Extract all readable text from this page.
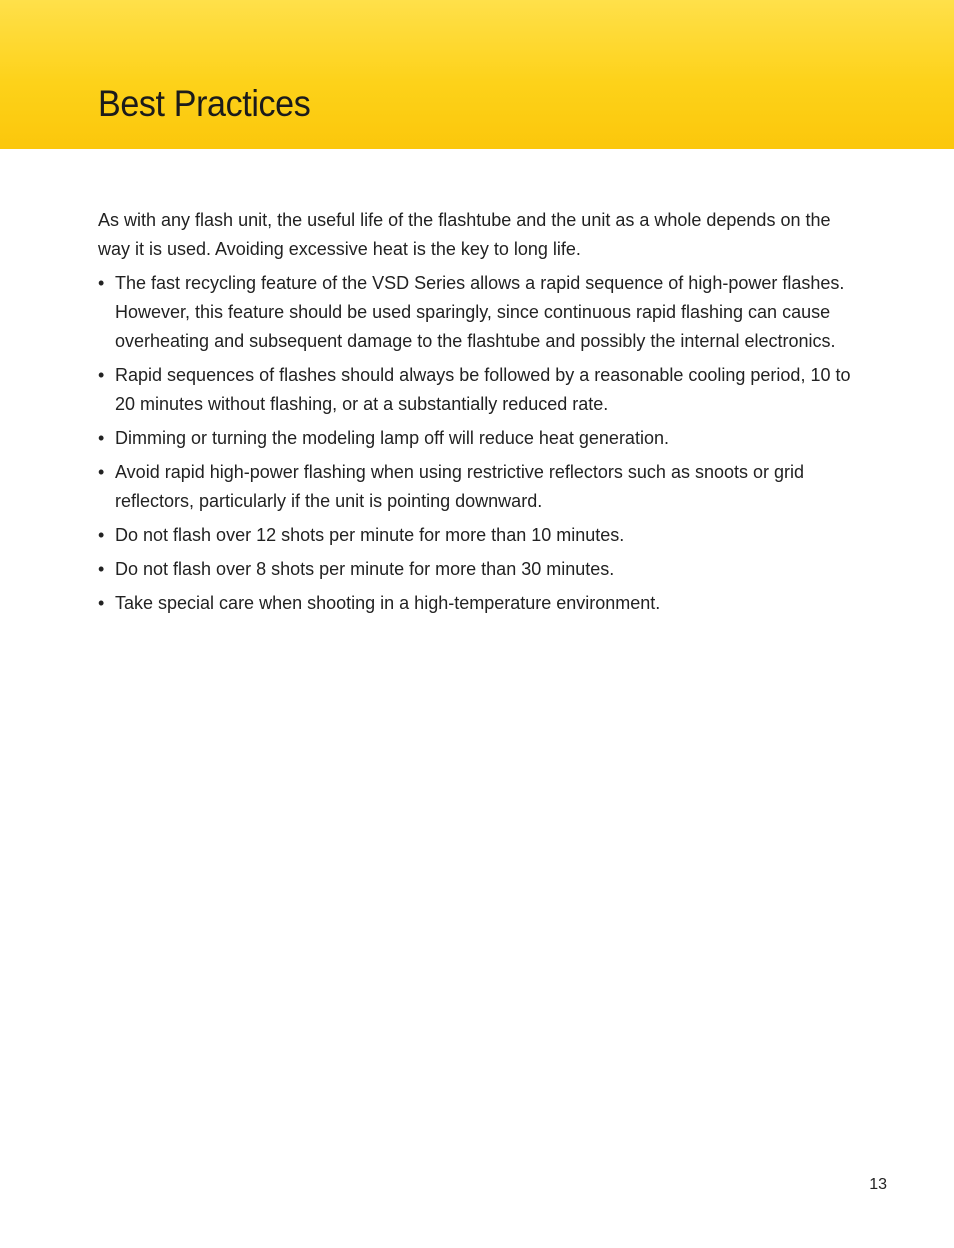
Best Practices

As with any flash unit, the useful life of the flashtube and the unit as a whole depends on the way it is used. Avoiding excessive heat is the key to long life.

• The fast recycling feature of the VSD Series allows a rapid sequence of high-power flashes. However, this feature should be used sparingly, since continuous rapid flashing can cause overheating and subsequent damage to the flashtube and possibly the internal electronics.
• Rapid sequences of flashes should always be followed by a reasonable cooling period, 10 to 20 minutes without flashing, or at a substantially reduced rate.
• Dimming or turning the modeling lamp off will reduce heat generation.
• Avoid rapid high-power flashing when using restrictive reflectors such as snoots or grid reflectors, particularly if the unit is pointing downward.
• Do not flash over 12 shots per minute for more than 10 minutes.
• Do not flash over 8 shots per minute for more than 30 minutes.
• Take special care when shooting in a high-temperature environment.
13
